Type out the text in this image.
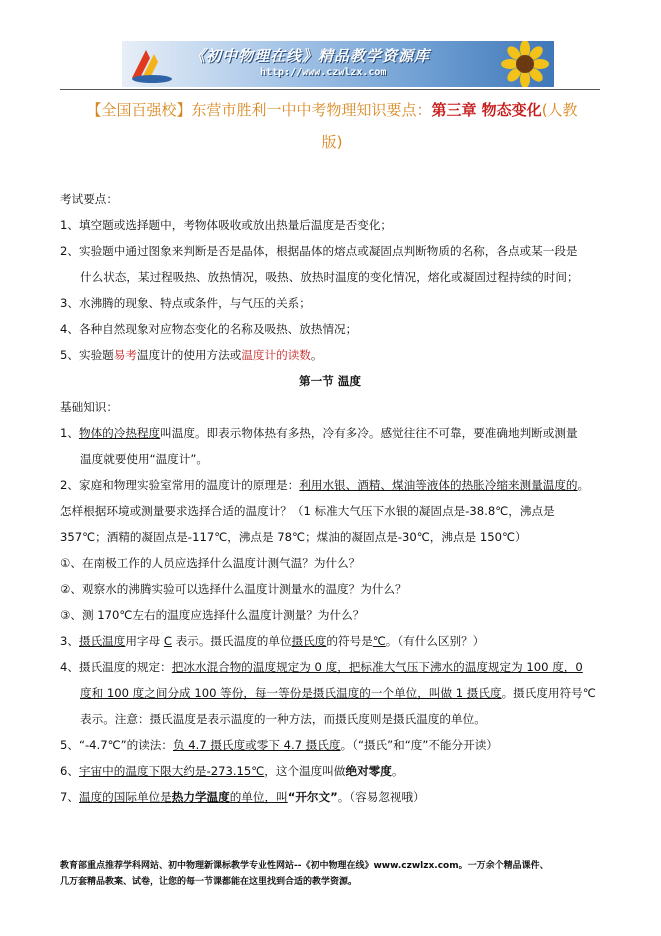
《初中物理在线》精品教学资源库
http://www.czwlzx.com
【全国百强校】东营市胜利一中中考物理知识要点：第三章 物态变化(人教
版)
考试要点：
1、填空题或选择题中，考物体吸收或放出热量后温度是否变化；
2、实验题中通过图象来判断是否是晶体，根据晶体的熔点或凝固点判断物质的名称，各点或某一段是
什么状态，某过程吸热、放热情况，吸热、放热时温度的变化情况，熔化或凝固过程持续的时间；
3、水沸腾的现象、特点或条件，与气压的关系；
4、各种自然现象对应物态变化的名称及吸热、放热情况；
5、实验题易考温度计的使用方法或温度计的读数。
第一节 温度
基础知识：
1、物体的冷热程度叫温度。即表示物体热有多热，冷有多冷。感觉往往不可靠，要准确地判断或测量
温度就要使用“温度计”。
2、家庭和物理实验室常用的温度计的原理是：利用水银、酒精、煤油等液体的热胀冷缩来测量温度的。
怎样根据环境或测量要求选择合适的温度计？（1 标准大气压下水银的凝固点是-38.8℃，沸点是
357℃；酒精的凝固点是-117℃，沸点是 78℃；煤油的凝固点是-30℃，沸点是 150℃）
①、在南极工作的人员应选择什么温度计测气温？为什么？
②、观察水的沸腾实验可以选择什么温度计测量水的温度？为什么？
③、测 170℃左右的温度应选择什么温度计测量？为什么？
3、摄氏温度用字母 C 表示。摄氏温度的单位摄氏度的符号是℃。（有什么区别？）
4、摄氏温度的规定：把冰水混合物的温度规定为 0 度，把标准大气压下沸水的温度规定为 100 度，0
度和 100 度之间分成 100 等份，每一等份是摄氏温度的一个单位，叫做 1 摄氏度。摄氏度用符号℃
表示。注意：摄氏温度是表示温度的一种方法，而摄氏度则是摄氏温度的单位。
5、“-4.7℃”的读法：负 4.7 摄氏度或零下 4.7 摄氏度。（“摄氏”和“度”不能分开读）
6、宇宙中的温度下限大约是-273.15℃，这个温度叫做绝对零度。
7、温度的国际单位是热力学温度的单位，叫“开尔文”。（容易忽视哦）
教育部重点推荐学科网站、初中物理新课标教学专业性网站--《初中物理在线》www.czwlzx.com。一万余个精品课件、
几万套精品教案、试卷，让您的每一节课都能在这里找到合适的教学资源。
